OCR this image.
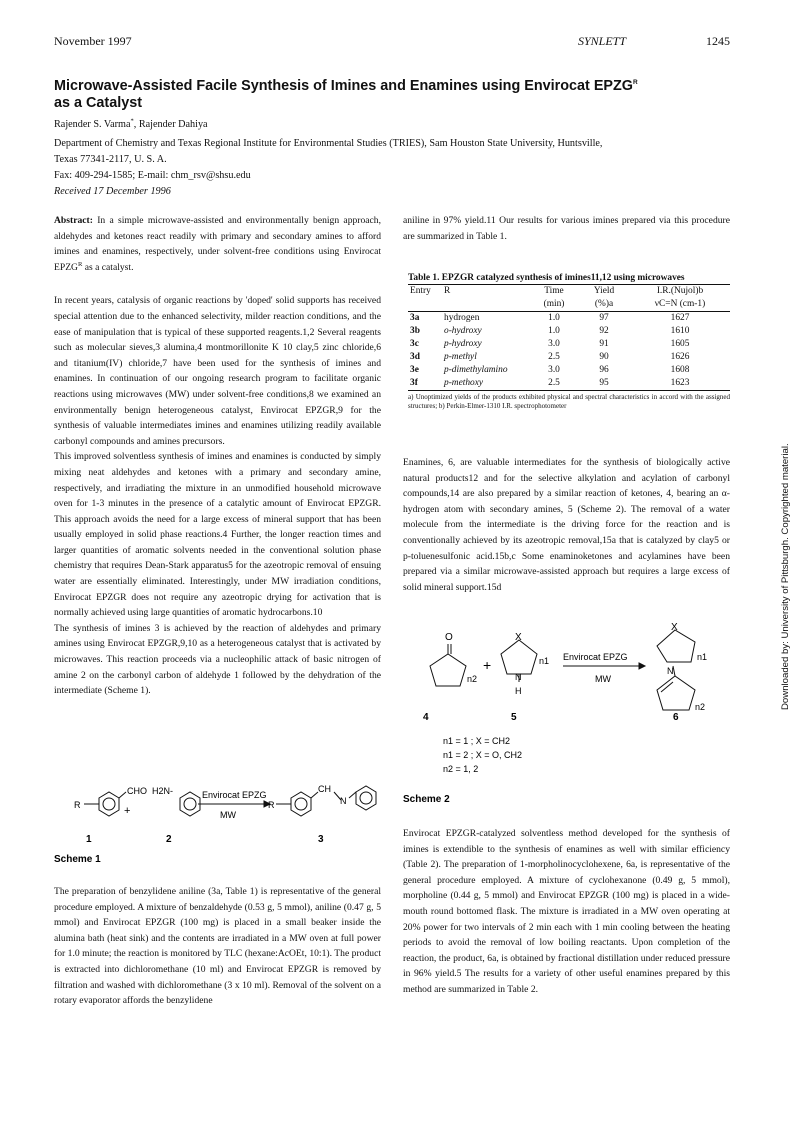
November 1997	SYNLETT	1245
Microwave-Assisted Facile Synthesis of Imines and Enamines using Envirocat $EPZG^R$
as a Catalyst
Rajender S. Varma*, Rajender Dahiya
Department of Chemistry and Texas Regional Institute for Environmental Studies (TRIES), Sam Houston State University, Huntsville,
Texas 77341-2117, U. S. A.
Fax: 409-294-1585; E-mail: chm_rsv@shsu.edu
Received 17 December 1996

Abstract: In a simple microwave-assisted and environmentally benign approach, aldehydes and ketones react readily with primary and secondary amines to afford imines and enamines, respectively, under solvent-free conditions using Envirocat $EPZG^R$ as a catalyst.

In recent years, catalysis of organic reactions by 'doped' solid supports has received special attention due to the enhanced selectivity, milder reaction conditions, and the ease of manipulation that is typical of these supported reagents.1,2 Several reagents such as molecular sieves,3 alumina,4 montmorillonite K 10 clay,5 zinc chloride,6 and titanium(IV) chloride,7 have been used for the synthesis of imines and enamines. In continuation of our ongoing research program to facilitate organic reactions using microwaves (MW) under solvent-free conditions,8 we examined an environmentally benign heterogeneous catalyst, Envirocat EPZGR,9 for the synthesis of valuable intermediates imines and enamines utilizing readily available carbonyl compounds and amines precursors.

This improved solventless synthesis of imines and enamines is conducted by simply mixing neat aldehydes and ketones with a primary and secondary amine, respectively, and irradiating the mixture in an unmodified household microwave oven for 1-3 minutes in the presence of a catalytic amount of Envirocat EPZGR. This approach avoids the need for a large excess of mineral support that has been usually employed in solid phase reactions.4 Further, the longer reaction times and larger quantities of aromatic solvents needed in the conventional solution phase chemistry that requires Dean-Stark apparatus5 for the azeotropic removal of ensuing water are essentially eliminated. Interestingly, under MW irradiation conditions, Envirocat EPZGR does not require any azeotropic drying for activation that is normally achieved using large quantities of aromatic hydrocarbons.10

The synthesis of imines 3 is achieved by the reaction of aldehydes and primary amines using Envirocat EPZGR,9,10 as a heterogeneous catalyst that is activated by microwaves. This reaction proceeds via a nucleophilic attack of basic nitrogen of amine 2 on the carbonyl carbon of aldehyde 1 followed by the dehydration of the intermediate (Scheme 1).

R
CHO H2N-
+
Envirocat EPZG
MW
R
CH
N
1	2	3
Scheme 1

The preparation of benzylidene aniline (3a, Table 1) is representative of the general procedure employed. A mixture of benzaldehyde (0.53 g, 5 mmol), aniline (0.47 g, 5 mmol) and Envirocat EPZGR (100 mg) is placed in a small beaker inside the alumina bath (heat sink) and the contents are irradiated in a MW oven at full power for 1.0 minute; the reaction is monitored by TLC (hexane:AcOEt, 10:1). The product is extracted into dichloromethane (10 ml) and Envirocat EPZGR is removed by filtration and washed with dichloromethane (3 x 10 ml). Removal of the solvent on a rotary evaporator affords the benzylidene

aniline in 97% yield.11 Our results for various imines prepared via this procedure are summarized in Table 1.

Table 1. EPZGR catalyzed synthesis of imines11,12 using microwaves
Entry	R	Time	Yield	I.R.(Nujol)b
		(min)	(%)a	νC=N (cm-1)
3a	hydrogen	1.0	97	1627
3b	o-hydroxy	1.0	92	1610
3c	p-hydroxy	3.0	91	1605
3d	p-methyl	2.5	90	1626
3e	p-dimethylamino	3.0	96	1608
3f	p-methoxy	2.5	95	1623
a) Unoptimized yields of the products exhibited physical and spectral characteristics in accord with the assigned structures; b) Perkin-Elmer-1310 I.R. spectrophotometer

Enamines, 6, are valuable intermediates for the synthesis of biologically active natural products12 and for the selective alkylation and acylation of carbonyl compounds,14 are also prepared by a similar reaction of ketones, 4, bearing an α-hydrogen atom with secondary amines, 5 (Scheme 2). The removal of a water molecule from the intermediate is the driving force for the reaction and is conventionally achieved by its azeotropic removal,15a that is catalyzed by clay5 or p-toluenesulfonic acid.15b,c Some enaminoketones and acylamines have been prepared via a similar microwave-assisted approach but requires a large excess of solid mineral support.15d

O
n2
+
X
N
H
n1 Envirocat EPZG
MW
X
N
n1
n2
4	5	6
n1 = 1 ; X = CH2
n1 = 2 ; X = O, CH2
n2 = 1, 2
Scheme 2

Envirocat EPZGR-catalyzed solventless method developed for the synthesis of imines is extendible to the synthesis of enamines as well with similar efficiency (Table 2). The preparation of 1-morpholinocyclohexene, 6a, is representative of the general procedure employed. A mixture of cyclohexanone (0.49 g, 5 mmol), morpholine (0.44 g, 5 mmol) and Envirocat EPZGR (100 mg) is placed in a wide-mouth round bottomed flask. The mixture is irradiated in a MW oven operating at 20% power for two intervals of 2 min each with 1 min cooling between the heating periods to avoid the removal of low boiling reactants. Upon completion of the reaction, the product, 6a, is obtained by fractional distillation under reduced pressure in 96% yield.5 The results for a variety of other useful enamines prepared by this method are summarized in Table 2.

Downloaded by: University of Pittsburgh. Copyrighted material.
